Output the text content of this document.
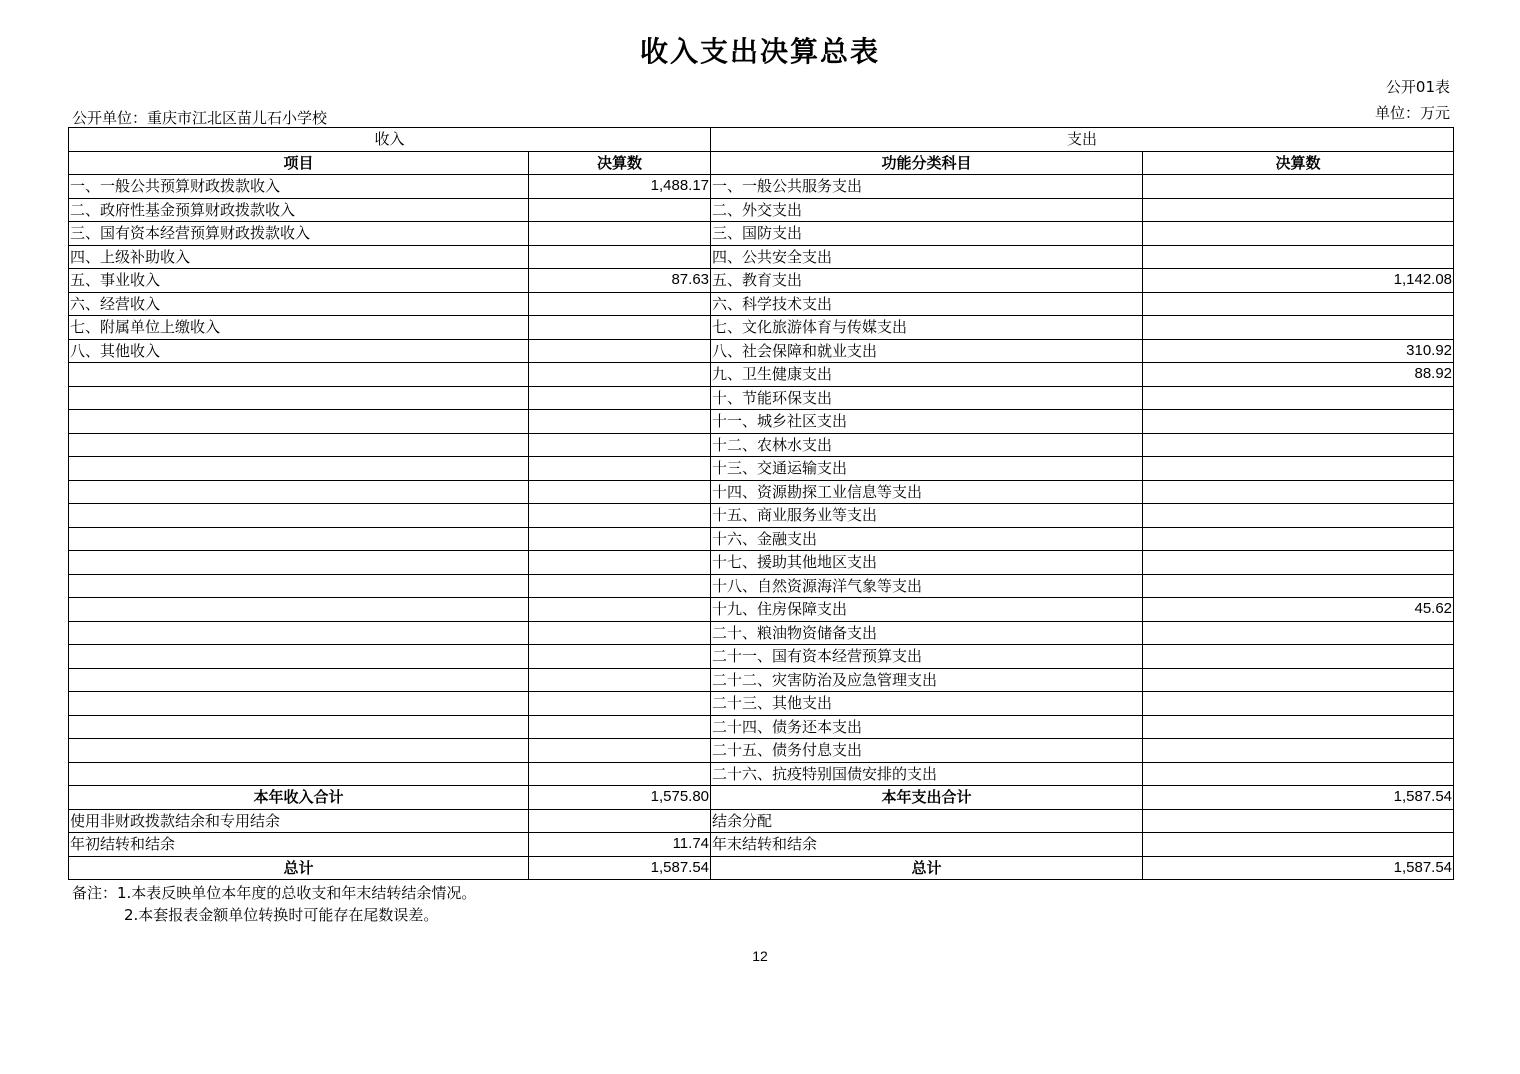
收入支出决算总表
公开01表
单位：万元
公开单位：重庆市江北区苗儿石小学校
收入		支出	
项目	决算数	功能分类科目	决算数
一、一般公共预算财政拨款收入	1,488.17	一、一般公共服务支出	
二、政府性基金预算财政拨款收入		二、外交支出	
三、国有资本经营预算财政拨款收入		三、国防支出	
四、上级补助收入		四、公共安全支出	
五、事业收入	87.63	五、教育支出	1,142.08
六、经营收入		六、科学技术支出	
七、附属单位上缴收入		七、文化旅游体育与传媒支出	
八、其他收入		八、社会保障和就业支出	310.92
		九、卫生健康支出	88.92
		十、节能环保支出	
		十一、城乡社区支出	
		十二、农林水支出	
		十三、交通运输支出	
		十四、资源勘探工业信息等支出	
		十五、商业服务业等支出	
		十六、金融支出	
		十七、援助其他地区支出	
		十八、自然资源海洋气象等支出	
		十九、住房保障支出	45.62
		二十、粮油物资储备支出	
		二十一、国有资本经营预算支出	
		二十二、灾害防治及应急管理支出	
		二十三、其他支出	
		二十四、债务还本支出	
		二十五、债务付息支出	
		二十六、抗疫特别国债安排的支出	
本年收入合计	1,575.80	本年支出合计	1,587.54
使用非财政拨款结余和专用结余		结余分配	
年初结转和结余	11.74	年末结转和结余	
总计	1,587.54	总计	1,587.54
备注：1.本表反映单位本年度的总收支和年末结转结余情况。
2.本套报表金额单位转换时可能存在尾数误差。
12
